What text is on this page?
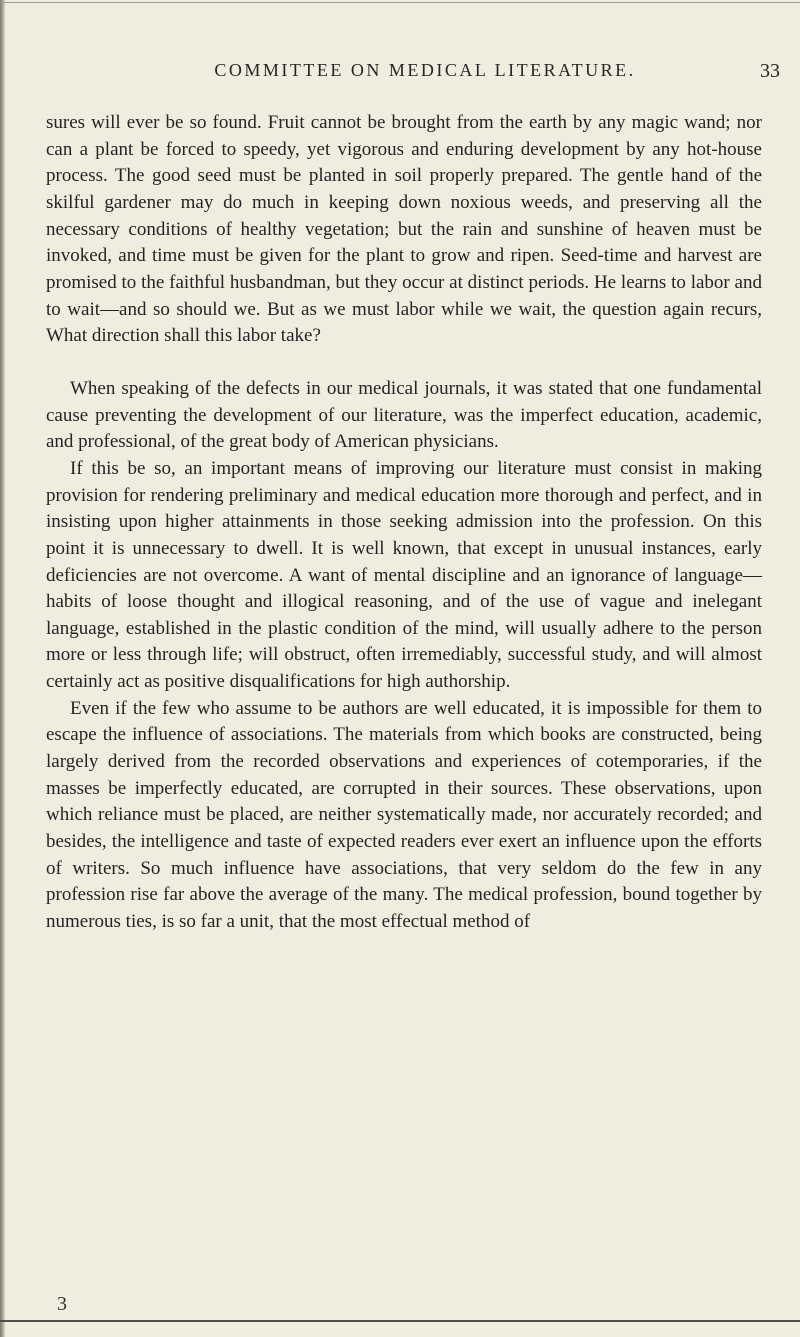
COMMITTEE ON MEDICAL LITERATURE.	33

sures will ever be so found. Fruit cannot be brought from the earth by any magic wand; nor can a plant be forced to speedy, yet vigorous and enduring development by any hot-house process. The good seed must be planted in soil properly prepared. The gentle hand of the skilful gardener may do much in keeping down noxious weeds, and preserving all the necessary conditions of healthy vegetation; but the rain and sunshine of heaven must be invoked, and time must be given for the plant to grow and ripen. Seed-time and harvest are promised to the faithful husbandman, but they occur at distinct periods. He learns to labor and to wait—and so should we. But as we must labor while we wait, the question again recurs, What direction shall this labor take?

When speaking of the defects in our medical journals, it was stated that one fundamental cause preventing the development of our literature, was the imperfect education, academic, and professional, of the great body of American physicians.

If this be so, an important means of improving our literature must consist in making provision for rendering preliminary and medical education more thorough and perfect, and in insisting upon higher attainments in those seeking admission into the profession. On this point it is unnecessary to dwell. It is well known, that except in unusual instances, early deficiencies are not overcome. A want of mental discipline and an ignorance of language—habits of loose thought and illogical reasoning, and of the use of vague and inelegant language, established in the plastic condition of the mind, will usually adhere to the person more or less through life; will obstruct, often irremediably, successful study, and will almost certainly act as positive disqualifications for high authorship.

Even if the few who assume to be authors are well educated, it is impossible for them to escape the influence of associations. The materials from which books are constructed, being largely derived from the recorded observations and experiences of cotemporaries, if the masses be imperfectly educated, are corrupted in their sources. These observations, upon which reliance must be placed, are neither systematically made, nor accurately recorded; and besides, the intelligence and taste of expected readers ever exert an influence upon the efforts of writers. So much influence have associations, that very seldom do the few in any profession rise far above the average of the many. The medical profession, bound together by numerous ties, is so far a unit, that the most effectual method of

3
